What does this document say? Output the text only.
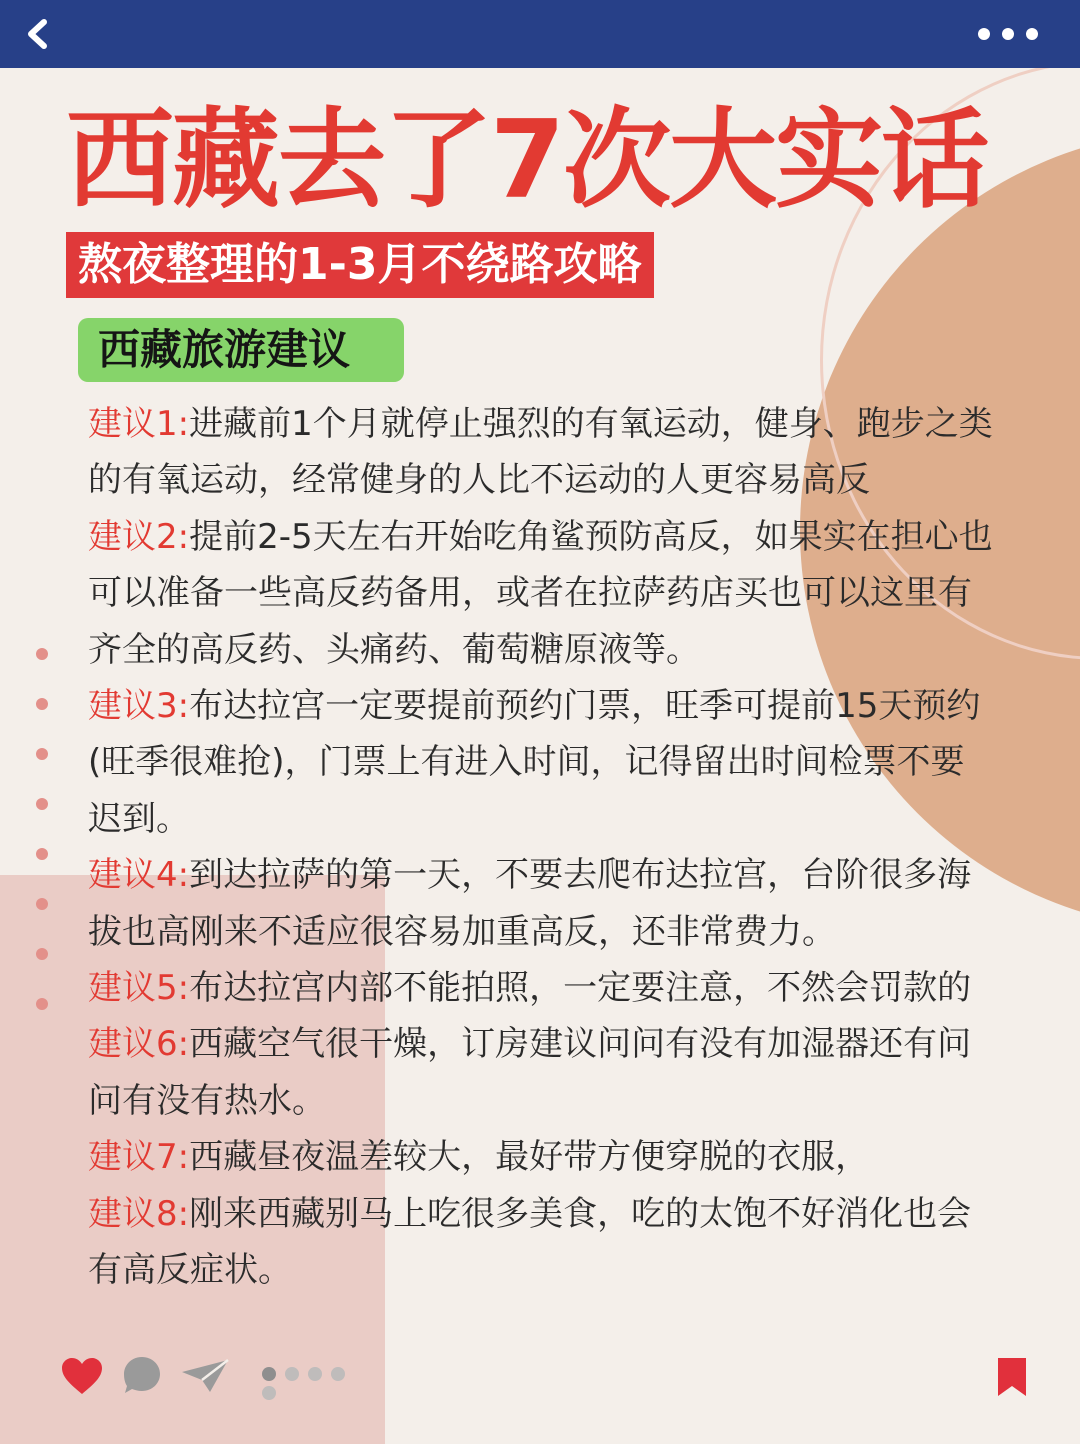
西藏去了7次大实话
熬夜整理的1-3月不绕路攻略
西藏旅游建议
建议1:进藏前1个月就停止强烈的有氧运动，健身、跑步之类的有氧运动，经常健身的人比不运动的人更容易高反
建议2:提前2-5天左右开始吃角鲨预防高反，如果实在担心也可以准备一些高反药备用，或者在拉萨药店买也可以这里有齐全的高反药、头痛药、葡萄糖原液等。
建议3:布达拉宫一定要提前预约门票，旺季可提前15天预约(旺季很难抢)，门票上有进入时间，记得留出时间检票不要迟到。
建议4:到达拉萨的第一天，不要去爬布达拉宫，台阶很多海拔也高刚来不适应很容易加重高反，还非常费力。
建议5:布达拉宫内部不能拍照，一定要注意，不然会罚款的
建议6:西藏空气很干燥，订房建议问问有没有加湿器还有问问有没有热水。
建议7:西藏昼夜温差较大，最好带方便穿脱的衣服，
建议8:刚来西藏别马上吃很多美食，吃的太饱不好消化也会有高反症状。
